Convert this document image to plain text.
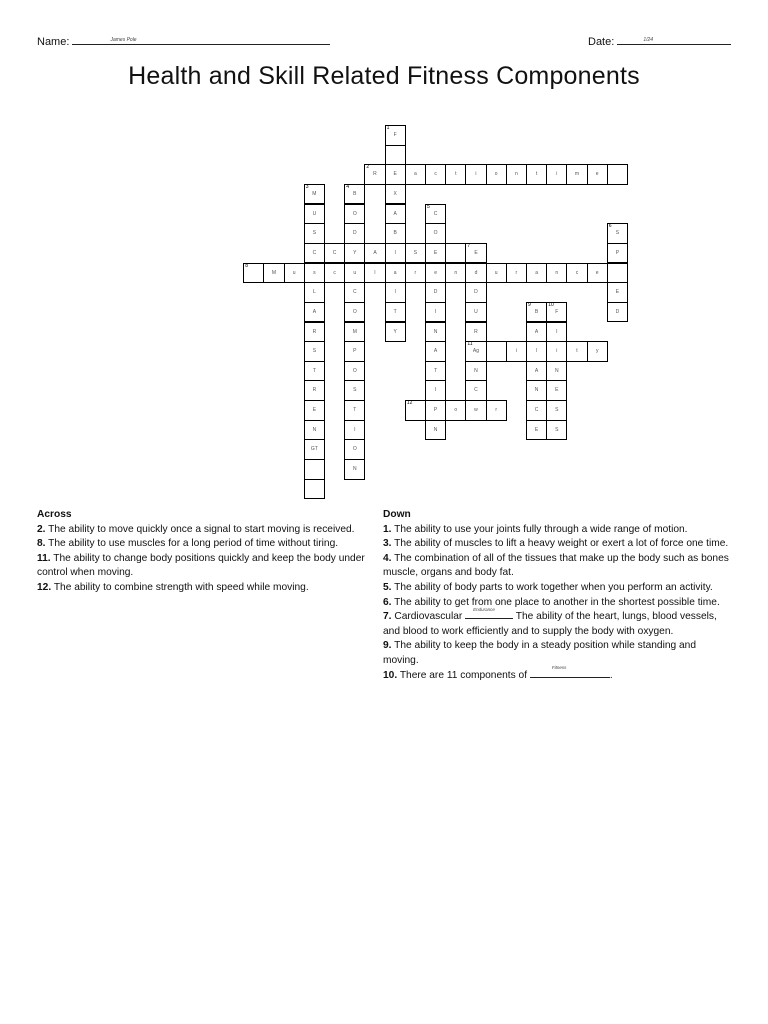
Name:	James Pole	Date:	1/24
Health and Skill Related Fitness Components
1
F
2
R	E	a	c	t	i	o	n	t	i	m	e
3
M
4
B	X
U	O	A
5
C
S	D	B	O
6
S
C	C	Y	A	I	S	E
7
E	P
8
M	u	s	c	u	l	a	r	e	n	d	u	r	a	n	c	e
L	C	I	D	D	E
A	O	T	I	U
9
B
10
F	D
R	M	Y	N	R	A	I
S	P	A
11
Ag	i	l	i	t	y
T	O	T	N	A	N
R	S	I	C	N	E
E	T
12
P	o	w	r	C	S
N	I	N	E	S
GT	O
N
Across

2. The ability to move quickly once a signal to start moving is received.

8. The ability to use muscles for a long period of time without tiring.

11. The ability to change body positions quickly and keep the body under control when moving.

12. The ability to combine strength with speed while moving.

Down

1. The ability to use your joints fully through a wide range of motion.

3. The ability of muscles to lift a heavy weight or exert a lot of force one time.

4. The combination of all of the tissues that make up the body such as bones muscle, organs and body fat.

5. The ability of body parts to work together when you perform an activity.

6. The ability to get from one place to another in the shortest possible time.

7. Cardiovascular
Endurance
The ability of the heart, lungs, blood vessels, and blood to work efficiently and to supply the body with oxygen.

9. The ability to keep the body in a steady position while standing and moving.

10. There are 11 components of
Fitness
.
